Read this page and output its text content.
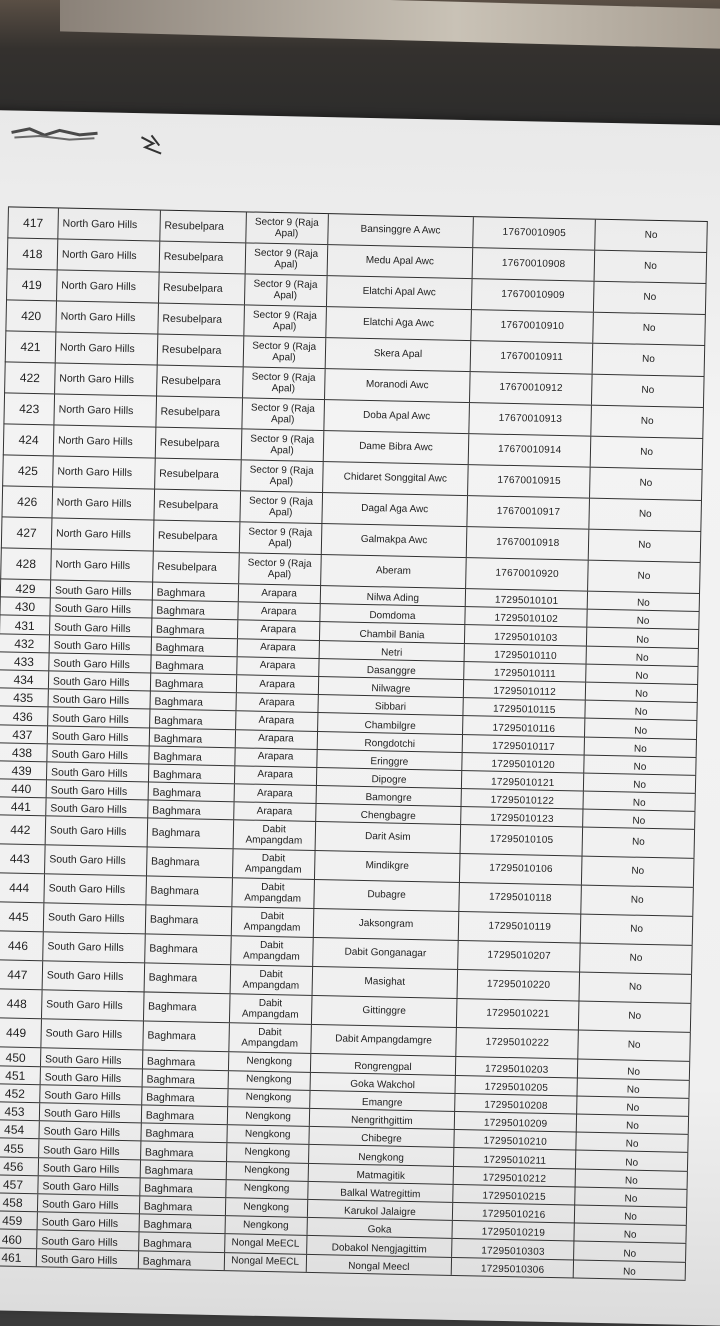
417	North Garo Hills	Resubelpara	Sector 9 (Raja Apal)	Bansinggre A Awc	17670010905	No
418	North Garo Hills	Resubelpara	Sector 9 (Raja Apal)	Medu Apal Awc	17670010908	No
419	North Garo Hills	Resubelpara	Sector 9 (Raja Apal)	Elatchi Apal Awc	17670010909	No
420	North Garo Hills	Resubelpara	Sector 9 (Raja Apal)	Elatchi Aga Awc	17670010910	No
421	North Garo Hills	Resubelpara	Sector 9 (Raja Apal)	Skera Apal	17670010911	No
422	North Garo Hills	Resubelpara	Sector 9 (Raja Apal)	Moranodi Awc	17670010912	No
423	North Garo Hills	Resubelpara	Sector 9 (Raja Apal)	Doba Apal Awc	17670010913	No
424	North Garo Hills	Resubelpara	Sector 9 (Raja Apal)	Dame Bibra Awc	17670010914	No
425	North Garo Hills	Resubelpara	Sector 9 (Raja Apal)	Chidaret Songgital Awc	17670010915	No
426	North Garo Hills	Resubelpara	Sector 9 (Raja Apal)	Dagal Aga Awc	17670010917	No
427	North Garo Hills	Resubelpara	Sector 9 (Raja Apal)	Galmakpa Awc	17670010918	No
428	North Garo Hills	Resubelpara	Sector 9 (Raja Apal)	Aberam	17670010920	No
429	South Garo Hills	Baghmara	Arapara	Nilwa Ading	17295010101	No
430	South Garo Hills	Baghmara	Arapara	Domdoma	17295010102	No
431	South Garo Hills	Baghmara	Arapara	Chambil Bania	17295010103	No
432	South Garo Hills	Baghmara	Arapara	Netri	17295010110	No
433	South Garo Hills	Baghmara	Arapara	Dasanggre	17295010111	No
434	South Garo Hills	Baghmara	Arapara	Nilwagre	17295010112	No
435	South Garo Hills	Baghmara	Arapara	Sibbari	17295010115	No
436	South Garo Hills	Baghmara	Arapara	Chambilgre	17295010116	No
437	South Garo Hills	Baghmara	Arapara	Rongdotchi	17295010117	No
438	South Garo Hills	Baghmara	Arapara	Eringgre	17295010120	No
439	South Garo Hills	Baghmara	Arapara	Dipogre	17295010121	No
440	South Garo Hills	Baghmara	Arapara	Bamongre	17295010122	No
441	South Garo Hills	Baghmara	Arapara	Chengbagre	17295010123	No
442	South Garo Hills	Baghmara	Dabit Ampangdam	Darit Asim	17295010105	No
443	South Garo Hills	Baghmara	Dabit Ampangdam	Mindikgre	17295010106	No
444	South Garo Hills	Baghmara	Dabit Ampangdam	Dubagre	17295010118	No
445	South Garo Hills	Baghmara	Dabit Ampangdam	Jaksongram	17295010119	No
446	South Garo Hills	Baghmara	Dabit Ampangdam	Dabit Gonganagar	17295010207	No
447	South Garo Hills	Baghmara	Dabit Ampangdam	Masighat	17295010220	No
448	South Garo Hills	Baghmara	Dabit Ampangdam	Gittinggre	17295010221	No
449	South Garo Hills	Baghmara	Dabit Ampangdam	Dabit Ampangdamgre	17295010222	No
450	South Garo Hills	Baghmara	Nengkong	Rongrengpal	17295010203	No
451	South Garo Hills	Baghmara	Nengkong	Goka Wakchol	17295010205	No
452	South Garo Hills	Baghmara	Nengkong	Emangre	17295010208	No
453	South Garo Hills	Baghmara	Nengkong	Nengrithgittim	17295010209	No
454	South Garo Hills	Baghmara	Nengkong	Chibegre	17295010210	No
455	South Garo Hills	Baghmara	Nengkong	Nengkong	17295010211	No
456	South Garo Hills	Baghmara	Nengkong	Matmagitik	17295010212	No
457	South Garo Hills	Baghmara	Nengkong	Balkal Watregittim	17295010215	No
458	South Garo Hills	Baghmara	Nengkong	Karukol Jalaigre	17295010216	No
459	South Garo Hills	Baghmara	Nengkong	Goka	17295010219	No
460	South Garo Hills	Baghmara	Nongal MeECL	Dobakol Nengjagittim	17295010303	No
461	South Garo Hills	Baghmara	Nongal MeECL	Nongal Meecl	17295010306	No
